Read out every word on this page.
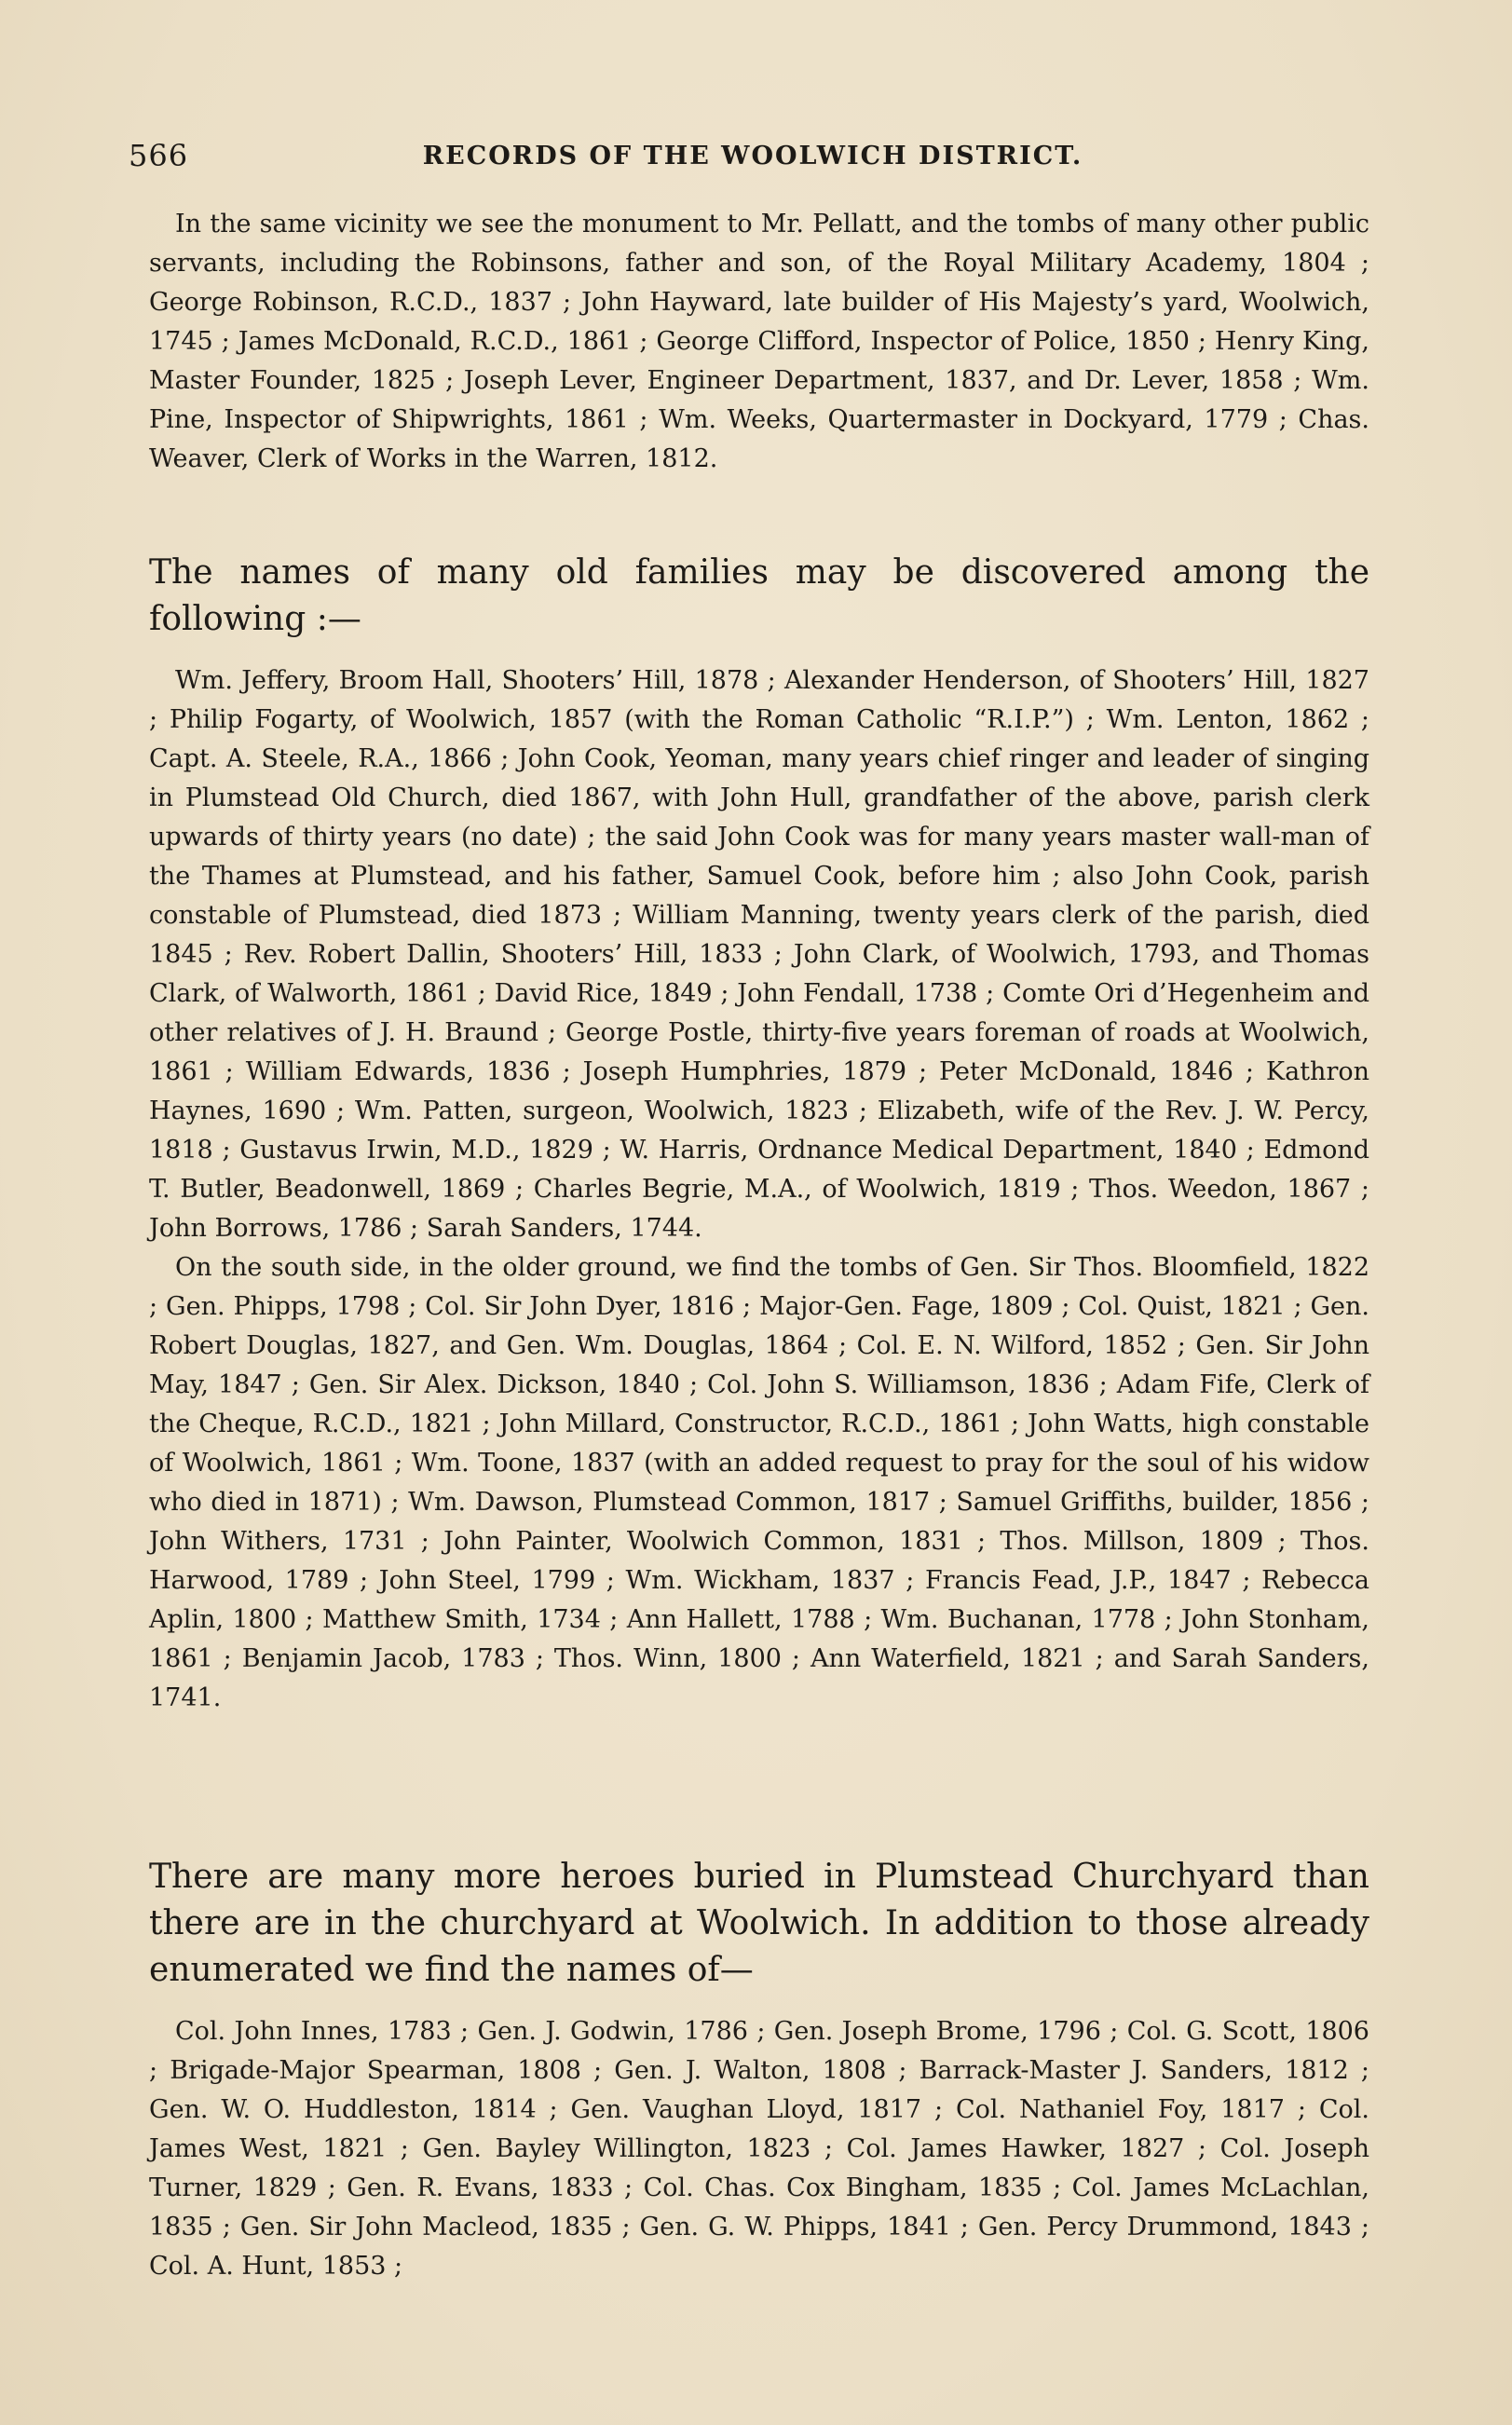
566	RECORDS OF THE WOOLWICH DISTRICT.

In the same vicinity we see the monument to Mr. Pellatt, and the tombs of many other public servants, including the Robinsons, father and son, of the Royal Military Academy, 1804 ; George Robinson, R.C.D., 1837 ; John Hayward, late builder of His Majesty’s yard, Woolwich, 1745 ; James McDonald, R.C.D., 1861 ; George Clifford, Inspector of Police, 1850 ; Henry King, Master Founder, 1825 ; Joseph Lever, Engineer Department, 1837, and Dr. Lever, 1858 ; Wm. Pine, Inspector of Shipwrights, 1861 ; Wm. Weeks, Quartermaster in Dockyard, 1779 ; Chas. Weaver, Clerk of Works in the Warren, 1812.

The names of many old families may be discovered among the following :—

Wm. Jeffery, Broom Hall, Shooters’ Hill, 1878 ; Alexander Henderson, of Shooters’ Hill, 1827 ; Philip Fogarty, of Woolwich, 1857 (with the Roman Catholic “R.I.P.”) ; Wm. Lenton, 1862 ; Capt. A. Steele, R.A., 1866 ; John Cook, Yeoman, many years chief ringer and leader of singing in Plumstead Old Church, died 1867, with John Hull, grandfather of the above, parish clerk upwards of thirty years (no date) ; the said John Cook was for many years master wall-man of the Thames at Plumstead, and his father, Samuel Cook, before him ; also John Cook, parish constable of Plumstead, died 1873 ; William Manning, twenty years clerk of the parish, died 1845 ; Rev. Robert Dallin, Shooters’ Hill, 1833 ; John Clark, of Woolwich, 1793, and Thomas Clark, of Walworth, 1861 ; David Rice, 1849 ; John Fendall, 1738 ; Comte Ori d’Hegenheim and other relatives of J. H. Braund ; George Postle, thirty-five years foreman of roads at Woolwich, 1861 ; William Edwards, 1836 ; Joseph Humphries, 1879 ; Peter McDonald, 1846 ; Kathron Haynes, 1690 ; Wm. Patten, surgeon, Woolwich, 1823 ; Elizabeth, wife of the Rev. J. W. Percy, 1818 ; Gustavus Irwin, M.D., 1829 ; W. Harris, Ordnance Medical Department, 1840 ; Edmond T. Butler, Beadonwell, 1869 ; Charles Begrie, M.A., of Woolwich, 1819 ; Thos. Weedon, 1867 ; John Borrows, 1786 ; Sarah Sanders, 1744.

On the south side, in the older ground, we find the tombs of Gen. Sir Thos. Bloomfield, 1822 ; Gen. Phipps, 1798 ; Col. Sir John Dyer, 1816 ; Major-Gen. Fage, 1809 ; Col. Quist, 1821 ; Gen. Robert Douglas, 1827, and Gen. Wm. Douglas, 1864 ; Col. E. N. Wilford, 1852 ; Gen. Sir John May, 1847 ; Gen. Sir Alex. Dickson, 1840 ; Col. John S. Williamson, 1836 ; Adam Fife, Clerk of the Cheque, R.C.D., 1821 ; John Millard, Constructor, R.C.D., 1861 ; John Watts, high constable of Woolwich, 1861 ; Wm. Toone, 1837 (with an added request to pray for the soul of his widow who died in 1871) ; Wm. Dawson, Plumstead Common, 1817 ; Samuel Griffiths, builder, 1856 ; John Withers, 1731 ; John Painter, Woolwich Common, 1831 ; Thos. Millson, 1809 ; Thos. Harwood, 1789 ; John Steel, 1799 ; Wm. Wickham, 1837 ; Francis Fead, J.P., 1847 ; Rebecca Aplin, 1800 ; Matthew Smith, 1734 ; Ann Hallett, 1788 ; Wm. Buchanan, 1778 ; John Stonham, 1861 ; Benjamin Jacob, 1783 ; Thos. Winn, 1800 ; Ann Waterfield, 1821 ; and Sarah Sanders, 1741.

There are many more heroes buried in Plumstead Churchyard than there are in the churchyard at Woolwich. In addition to those already enumerated we find the names of—

Col. John Innes, 1783 ; Gen. J. Godwin, 1786 ; Gen. Joseph Brome, 1796 ; Col. G. Scott, 1806 ; Brigade-Major Spearman, 1808 ; Gen. J. Walton, 1808 ; Barrack-Master J. Sanders, 1812 ; Gen. W. O. Huddleston, 1814 ; Gen. Vaughan Lloyd, 1817 ; Col. Nathaniel Foy, 1817 ; Col. James West, 1821 ; Gen. Bayley Willington, 1823 ; Col. James Hawker, 1827 ; Col. Joseph Turner, 1829 ; Gen. R. Evans, 1833 ; Col. Chas. Cox Bingham, 1835 ; Col. James McLachlan, 1835 ; Gen. Sir John Macleod, 1835 ; Gen. G. W. Phipps, 1841 ; Gen. Percy Drummond, 1843 ; Col. A. Hunt, 1853 ;
